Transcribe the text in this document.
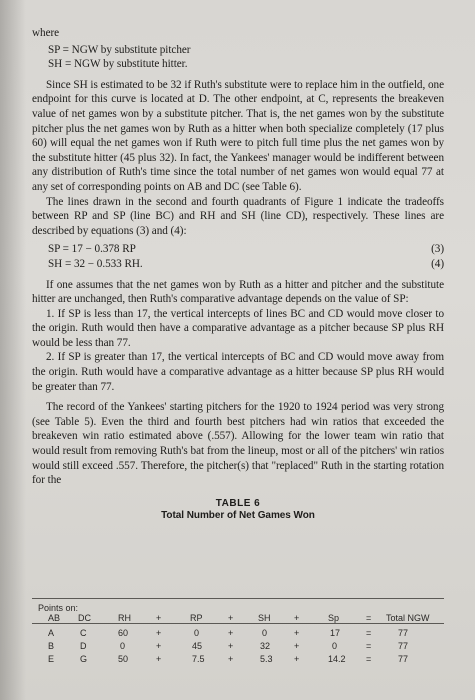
where

SP = NGW by substitute pitcher
SH = NGW by substitute hitter.

Since SH is estimated to be 32 if Ruth's substitute were to replace him in the outfield, one endpoint for this curve is located at D. The other endpoint, at C, represents the breakeven value of net games won by a substitute pitcher. That is, the net games won by the substitute pitcher plus the net games won by Ruth as a hitter when both specialize completely (17 plus 60) will equal the net games won if Ruth were to pitch full time plus the net games won by the substitute hitter (45 plus 32). In fact, the Yankees' manager would be indifferent between any distribution of Ruth's time since the total number of net games won would equal 77 at any set of corresponding points on AB and DC (see Table 6).

The lines drawn in the second and fourth quadrants of Figure 1 indicate the tradeoffs between RP and SP (line BC) and RH and SH (line CD), respectively. These lines are described by equations (3) and (4):

SP = 17 − 0.378 RP
SH = 32 − 0.533 RH.
(3)
(4)

If one assumes that the net games won by Ruth as a hitter and pitcher and the substitute hitter are unchanged, then Ruth's comparative advantage depends on the value of SP:

1. If SP is less than 17, the vertical intercepts of lines BC and CD would move closer to the origin. Ruth would then have a comparative advantage as a pitcher because SP plus RH would be less than 77.

2. If SP is greater than 17, the vertical intercepts of BC and CD would move away from the origin. Ruth would have a comparative advantage as a hitter because SP plus RH would be greater than 77.

The record of the Yankees' starting pitchers for the 1920 to 1924 period was very strong (see Table 5). Even the third and fourth best pitchers had win ratios that exceeded the breakeven win ratio estimated above (.557). Allowing for the lower team win ratio that would result from removing Ruth's bat from the lineup, most or all of the pitchers' win ratios would still exceed .557. Therefore, the pitcher(s) that "replaced" Ruth in the starting rotation for the

TABLE 6
Total Number of Net Games Won
Points on:
AB DC	RH	+	RP	+	SH	+	Sp	= Total NGW
A	C	60	+	0	+	0	+	17	=	77
B	D	0	+	45	+	32	+	0	=	77
E	G	50	+	7.5	+	5.3 +	14.2 =	77
